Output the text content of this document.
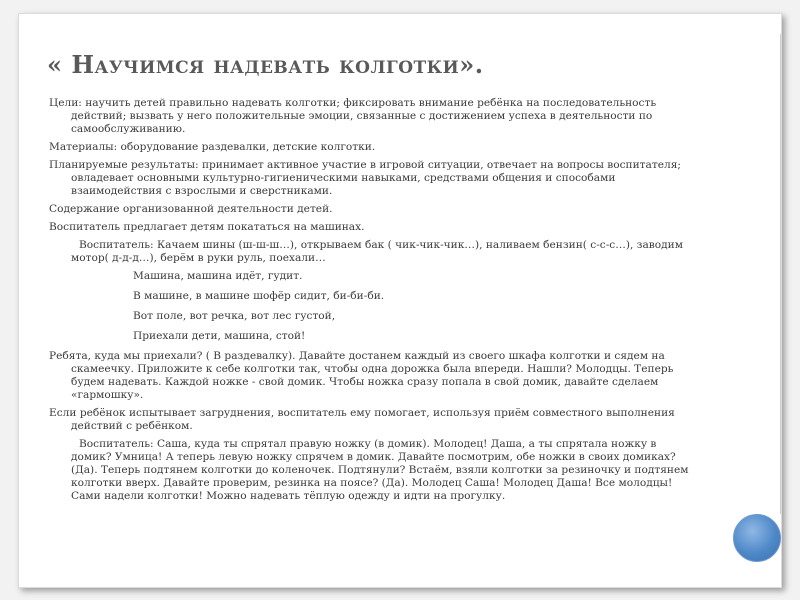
« Научимся надевать колготки».

Цели: научить детей правильно надевать колготки; фиксировать внимание ребёнка на последовательность действий; вызвать у него положительные эмоции, связанные с достижением успеха в деятельности по самообслуживанию.

Материалы: оборудование раздевалки, детские колготки.

Планируемые результаты: принимает активное участие в игровой ситуации, отвечает на вопросы воспитателя; овладевает основными культурно-гигиеническими навыками, средствами общения и способами взаимодействия с взрослыми и сверстниками.

Содержание организованной деятельности детей.

Воспитатель предлагает детям покататься на машинах.

Воспитатель: Качаем шины (ш-ш-ш…), открываем бак ( чик-чик-чик…), наливаем бензин( с-с-с…), заводим мотор( д-д-д…), берём в руки руль, поехали…

Машина, машина идёт, гудит.

В машине, в машине шофёр сидит, би-би-би.

Вот поле, вот речка, вот лес густой,

Приехали дети, машина, стой!

Ребята, куда мы приехали? ( В раздевалку). Давайте достанем каждый из своего шкафа колготки и сядем на скамеечку. Приложите к себе колготки так, чтобы одна дорожка была впереди. Нашли? Молодцы. Теперь будем надевать. Каждой ножке - свой домик. Чтобы ножка сразу попала в свой домик, давайте сделаем «гармошку».

Если ребёнок испытывает загруднения, воспитатель ему помогает, используя приём совместного выполнения действий с ребёнком.

Воспитатель: Саша, куда ты спрятал правую ножку (в домик). Молодец! Даша, а ты спрятала ножку в домик? Умница! А теперь левую ножку спрячем в домик. Давайте посмотрим, обе ножки в своих домиках? (Да). Теперь подтянем колготки до коленочек. Подтянули? Встаём, взяли колготки за резиночку и подтянем колготки вверх. Давайте проверим, резинка на поясе? (Да). Молодец Саша! Молодец Даша! Все молодцы! Сами надели колготки! Можно надевать тёплую одежду и идти на прогулку.
